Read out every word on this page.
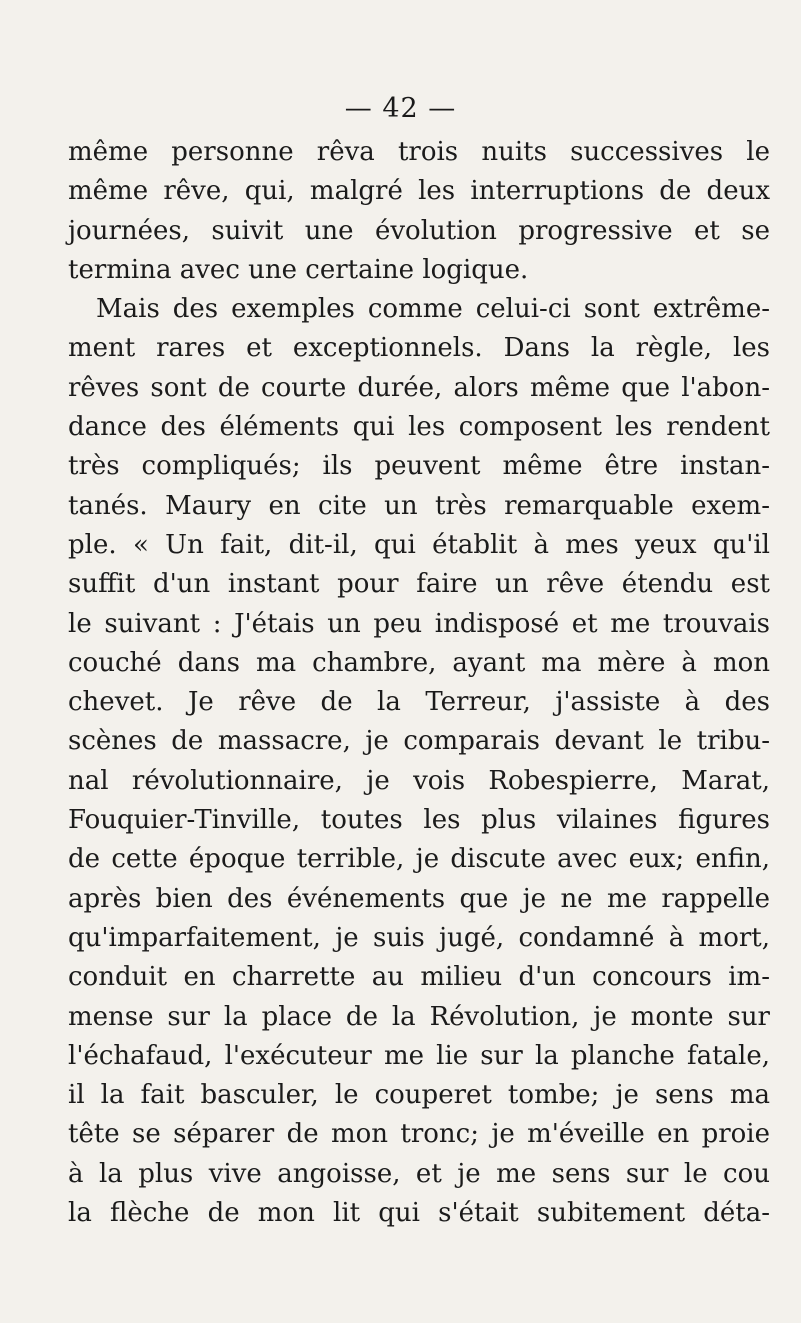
— 42 —
même personne rêva trois nuits successives le
même rêve, qui, malgré les interruptions de deux
journées, suivit une évolution progressive et se
termina avec une certaine logique.
Mais des exemples comme celui-ci sont extrême-
ment rares et exceptionnels. Dans la règle, les
rêves sont de courte durée, alors même que l'abon-
dance des éléments qui les composent les rendent
très compliqués; ils peuvent même être instan-
tanés. Maury en cite un très remarquable exem-
ple. « Un fait, dit-il, qui établit à mes yeux qu'il
suffit d'un instant pour faire un rêve étendu est
le suivant : J'étais un peu indisposé et me trouvais
couché dans ma chambre, ayant ma mère à mon
chevet. Je rêve de la Terreur, j'assiste à des
scènes de massacre, je comparais devant le tribu-
nal révolutionnaire, je vois Robespierre, Marat,
Fouquier-Tinville, toutes les plus vilaines figures
de cette époque terrible, je discute avec eux; enfin,
après bien des événements que je ne me rappelle
qu'imparfaitement, je suis jugé, condamné à mort,
conduit en charrette au milieu d'un concours im-
mense sur la place de la Révolution, je monte sur
l'échafaud, l'exécuteur me lie sur la planche fatale,
il la fait basculer, le couperet tombe; je sens ma
tête se séparer de mon tronc; je m'éveille en proie
à la plus vive angoisse, et je me sens sur le cou
la flèche de mon lit qui s'était subitement déta-
